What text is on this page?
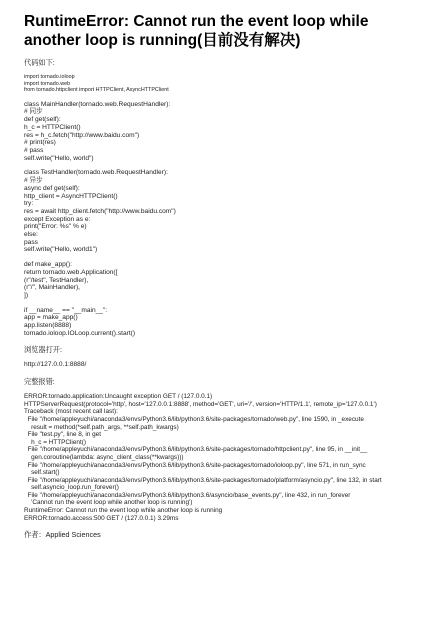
RuntimeError: Cannot run the event loop while another loop is running(目前没有解决)
代码如下:
import tornado.ioloop
import tornado.web
from tornado.httpclient import HTTPClient, AsyncHTTPClient
class MainHandler(tornado.web.RequestHandler):
# 同步
def get(self):
h_c = HTTPClient()
res = h_c.fetch("http://www.baidu.com")
# print(res)
# pass
self.write("Hello, world")
class TestHandler(tornado.web.RequestHandler):
# 异步
async def get(self):
http_client = AsyncHTTPClient()
try:
res = await http_client.fetch("http://www.baidu.com")
except Exception as e:
print("Error: %s" % e)
else:
pass
self.write("Hello, world1")
def make_app():
return tornado.web.Application([
(r"/test", TestHandler),
(r"/", MainHandler),
])
if __name__ == "__main__":
app = make_app()
app.listen(8888)
tornado.ioloop.IOLoop.current().start()
浏览器打开:
http://127.0.0.1:8888/
完整报错:
ERROR:tornado.application:Uncaught exception GET / (127.0.0.1)
HTTPServerRequest(protocol='http', host='127.0.0.1:8888', method='GET', uri='/', version='HTTP/1.1', remote_ip='127.0.0.1')
Traceback (most recent call last):
File "/home/appleyuchi/anaconda3/envs/Python3.6/lib/python3.6/site-packages/tornado/web.py", line 1590, in _execute
result = method(*self.path_args, **self.path_kwargs)
File "test.py", line 8, in get
h_c = HTTPClient()
File "/home/appleyuchi/anaconda3/envs/Python3.6/lib/python3.6/site-packages/tornado/httpclient.py", line 95, in __init__
gen.coroutine(lambda: async_client_class(**kwargs)))
File "/home/appleyuchi/anaconda3/envs/Python3.6/lib/python3.6/site-packages/tornado/ioloop.py", line 571, in run_sync
self.start()
File "/home/appleyuchi/anaconda3/envs/Python3.6/lib/python3.6/site-packages/tornado/platform/asyncio.py", line 132, in start
self.asyncio_loop.run_forever()
File "/home/appleyuchi/anaconda3/envs/Python3.6/lib/python3.6/asyncio/base_events.py", line 432, in run_forever
'Cannot run the event loop while another loop is running')
RuntimeError: Cannot run the event loop while another loop is running
ERROR:tornado.access:500 GET / (127.0.0.1) 3.29ms
作者：Applied Sciences
